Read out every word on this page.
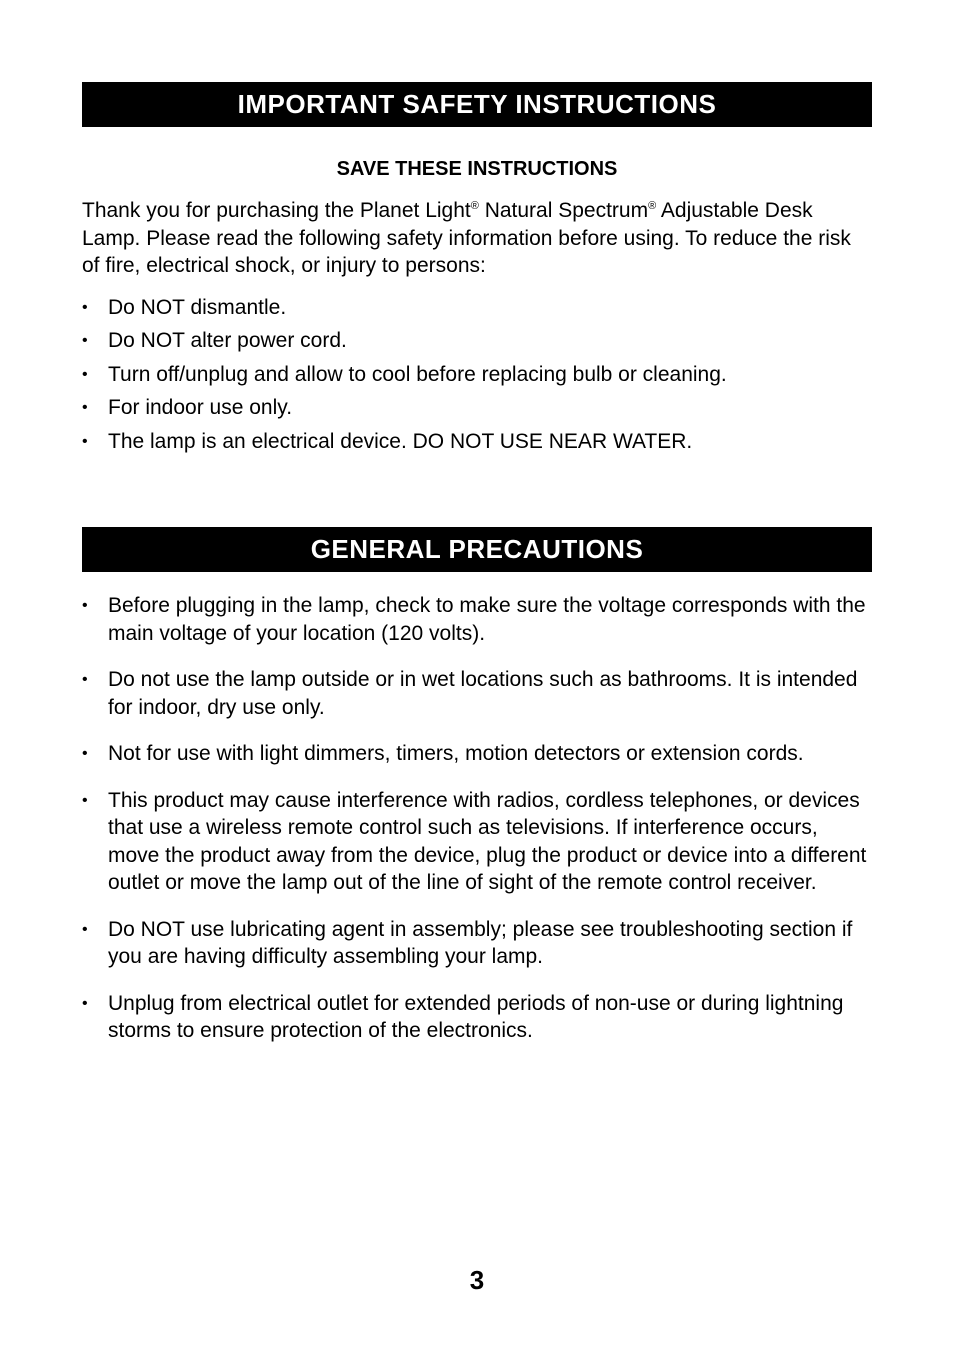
IMPORTANT SAFETY INSTRUCTIONS
SAVE THESE INSTRUCTIONS

Thank you for purchasing the Planet Light® Natural Spectrum® Adjustable Desk Lamp. Please read the following safety information before using. To reduce the risk of fire, electrical shock, or injury to persons:

• Do NOT dismantle.
• Do NOT alter power cord.
• Turn off/unplug and allow to cool before replacing bulb or cleaning.
• For indoor use only.
• The lamp is an electrical device. DO NOT USE NEAR WATER.
GENERAL PRECAUTIONS
• Before plugging in the lamp, check to make sure the voltage corresponds with the main voltage of your location (120 volts).
• Do not use the lamp outside or in wet locations such as bathrooms. It is intended for indoor, dry use only.
• Not for use with light dimmers, timers, motion detectors or extension cords.
• This product may cause interference with radios, cordless telephones, or devices that use a wireless remote control such as televisions. If interference occurs, move the product away from the device, plug the product or device into a different outlet or move the lamp out of the line of sight of the remote control receiver.
• Do NOT use lubricating agent in assembly; please see troubleshooting section if you are having difficulty assembling your lamp.
• Unplug from electrical outlet for extended periods of non-use or during lightning storms to ensure protection of the electronics.
3
